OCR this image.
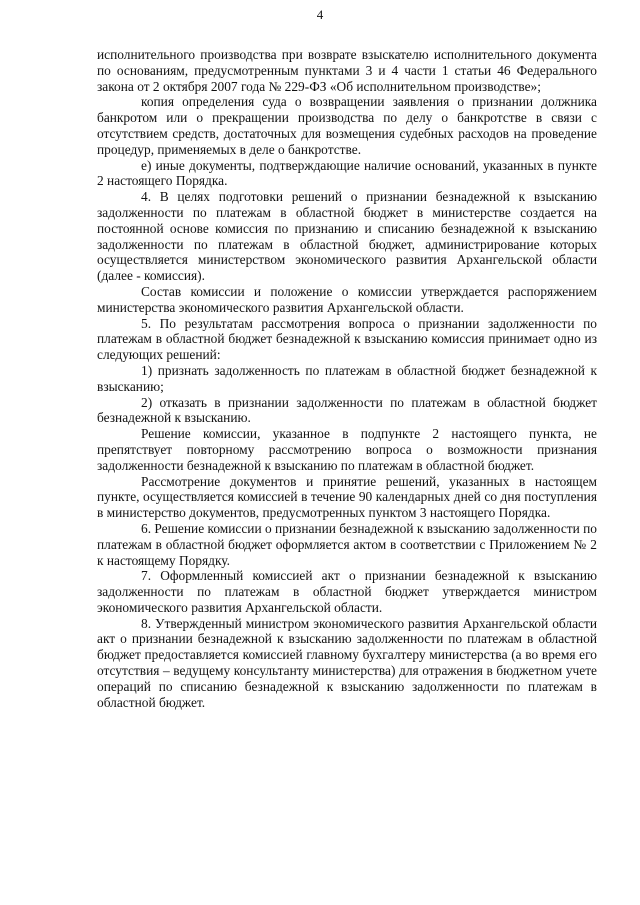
4

исполнительного производства при возврате взыскателю исполнительного документа по основаниям, предусмотренным пунктами 3 и 4 части 1 статьи 46 Федерального закона от 2 октября 2007 года № 229-ФЗ «Об исполнительном производстве»;

копия определения суда о возвращении заявления о признании должника банкротом или о прекращении производства по делу о банкротстве в связи с отсутствием средств, достаточных для возмещения судебных расходов на проведение процедур, применяемых в деле о банкротстве.

е) иные документы, подтверждающие наличие оснований, указанных в пункте 2 настоящего Порядка.

4. В целях подготовки решений о признании безнадежной к взысканию задолженности по платежам в областной бюджет в министерстве создается на постоянной основе комиссия по признанию и списанию безнадежной к взысканию задолженности по платежам в областной бюджет, администрирование которых осуществляется министерством экономического развития Архангельской области (далее - комиссия).

Состав комиссии и положение о комиссии утверждается распоряжением министерства экономического развития Архангельской области.

5. По результатам рассмотрения вопроса о признании задолженности по платежам в областной бюджет безнадежной к взысканию комиссия принимает одно из следующих решений:

1) признать задолженность по платежам в областной бюджет безнадежной к взысканию;

2) отказать в признании задолженности по платежам в областной бюджет безнадежной к взысканию.

Решение комиссии, указанное в подпункте 2 настоящего пункта, не препятствует повторному рассмотрению вопроса о возможности признания задолженности безнадежной к взысканию по платежам в областной бюджет.

Рассмотрение документов и принятие решений, указанных в настоящем пункте, осуществляется комиссией в течение 90 календарных дней со дня поступления в министерство документов, предусмотренных пунктом 3 настоящего Порядка.

6. Решение комиссии о признании безнадежной к взысканию задолженности по платежам в областной бюджет оформляется актом в соответствии с Приложением № 2 к настоящему Порядку.

7. Оформленный комиссией акт о признании безнадежной к взысканию задолженности по платежам в областной бюджет утверждается министром экономического развития Архангельской области.

8. Утвержденный министром экономического развития Архангельской области акт о признании безнадежной к взысканию задолженности по платежам в областной бюджет предоставляется комиссией главному бухгалтеру министерства (а во время его отсутствия – ведущему консультанту министерства) для отражения в бюджетном учете операций по списанию безнадежной к взысканию задолженности по платежам в областной бюджет.
